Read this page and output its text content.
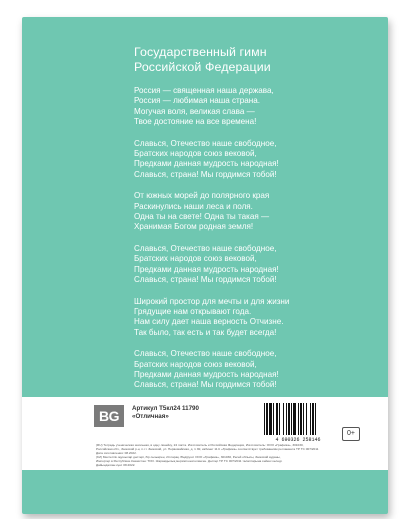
Государственный гимн
Российской Федерации
Россия — священная наша держава,
Россия — любимая наша страна.
Могучая воля, великая слава —
Твое достояние на все времена!
Славься, Отечество наше свободное,
Братских народов союз вековой,
Предками данная мудрость народная!
Славься, страна! Мы гордимся тобой!
От южных морей до полярного края
Раскинулись наши леса и поля.
Одна ты на свете! Одна ты такая —
Хранимая Богом родная земля!
Славься, Отечество наше свободное,
Братских народов союз вековой,
Предками данная мудрость народная!
Славься, страна! Мы гордимся тобой!
Широкий простор для мечты и для жизни
Грядущие нам открывают года.
Нам силу дает наша верность Отчизне.
Так было, так есть и так будет всегда!
Славься, Отечество наше свободное,
Братских народов союз вековой,
Предками данная мудрость народная!
Славься, страна! Мы гордимся тобой!
BG	Артикул Т5кл24 11790
«Отличная»
4 690326 258146
0+
(RU) Тетрадь ученическая школьная, в одну линейку, 24 листа. Изготовитель и Российская Федерация, Изготовитель: ООО «Графика», 301030,
Российская обл., Заокский р-н, п.г.т. Заокский, ул. Первомайская, д. 1 ЗК, кабинет 11 К «Графика» соответствует требованиям регламента ТР ТС 007/2011
Дата изготовления: 08.2022.
(KZ) Мектептік оқушылар дәптері, бір сызықпен, 24 парақ. Өндіруші: ООО «Графика», 301030, Ресей облысы, Заокский ауданы,
Импортер в Республике Казахстан: ТОО. Жарамдылық мерзімі шектелмеген. Дәптер ТР ТС 007/2011 талаптарына сәйкес келеді.
Дайындалған күні: 08.2022.
